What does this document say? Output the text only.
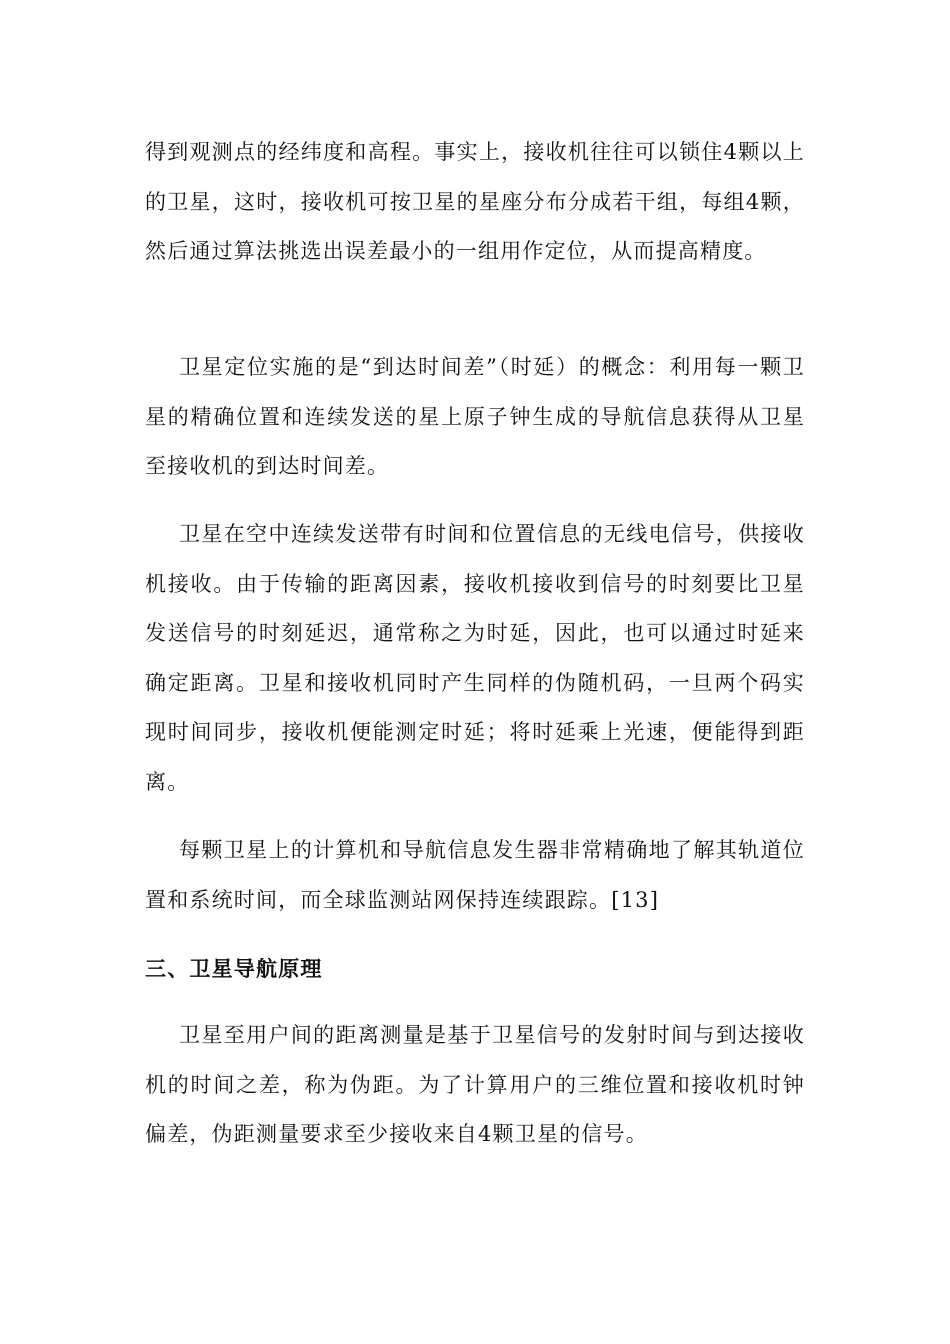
得到观测点的经纬度和高程。事实上，接收机往往可以锁住4颗以上的卫星，这时，接收机可按卫星的星座分布分成若干组，每组4颗，然后通过算法挑选出误差最小的一组用作定位，从而提高精度。

卫星定位实施的是“到达时间差”（时延）的概念：利用每一颗卫星的精确位置和连续发送的星上原子钟生成的导航信息获得从卫星至接收机的到达时间差。

卫星在空中连续发送带有时间和位置信息的无线电信号，供接收机接收。由于传输的距离因素，接收机接收到信号的时刻要比卫星发送信号的时刻延迟，通常称之为时延，因此，也可以通过时延来确定距离。卫星和接收机同时产生同样的伪随机码，一旦两个码实现时间同步，接收机便能测定时延；将时延乘上光速，便能得到距离。

每颗卫星上的计算机和导航信息发生器非常精确地了解其轨道位置和系统时间，而全球监测站网保持连续跟踪。[13]

三、卫星导航原理

卫星至用户间的距离测量是基于卫星信号的发射时间与到达接收机的时间之差，称为伪距。为了计算用户的三维位置和接收机时钟偏差，伪距测量要求至少接收来自4颗卫星的信号。
